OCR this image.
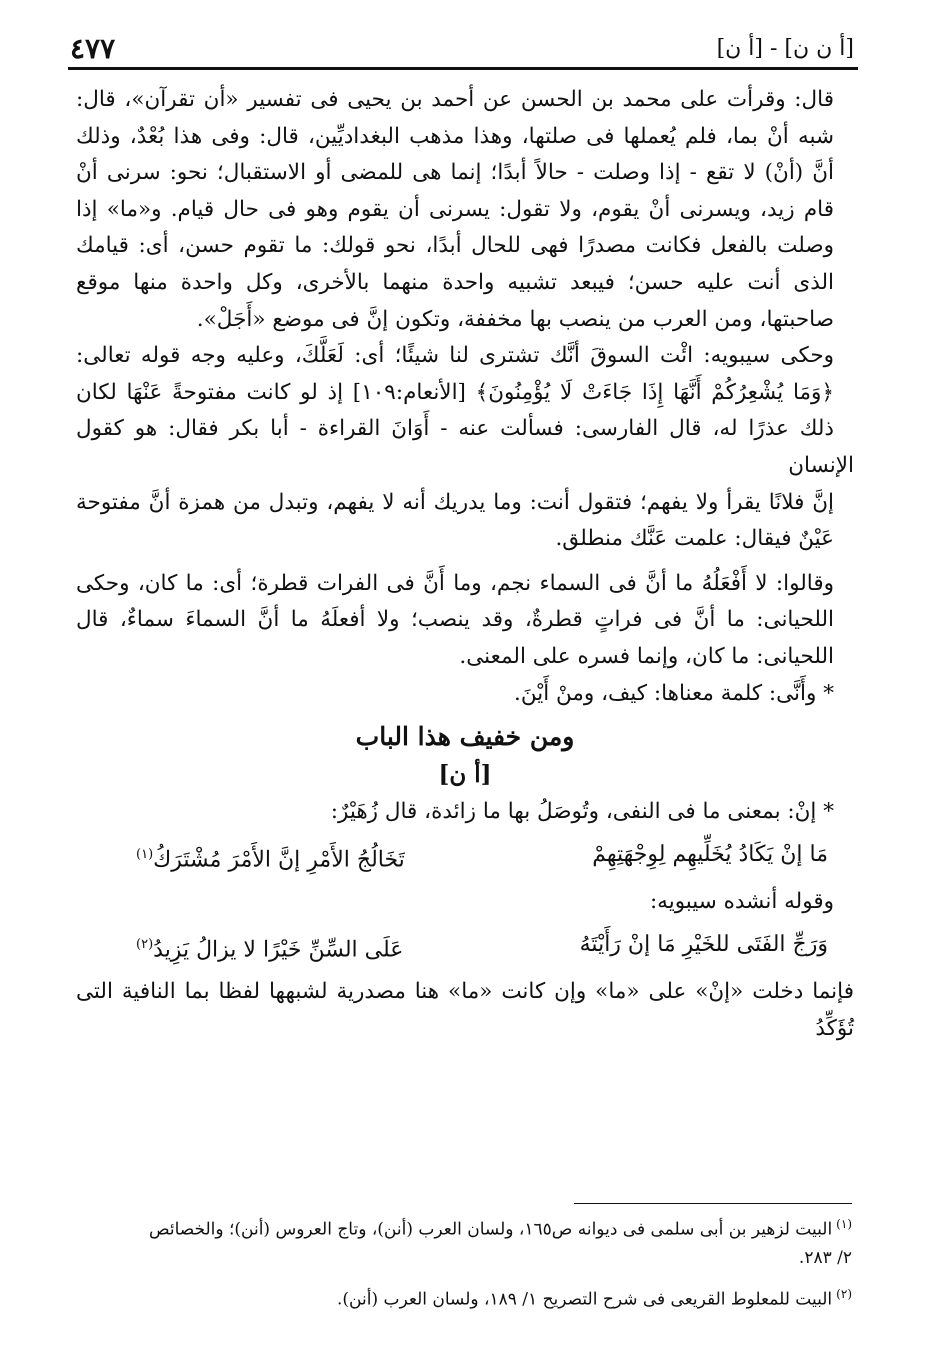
٤٧٧	[أ ن ن] - [أ ن]

قال: وقرأت على محمد بن الحسن عن أحمد بن يحيى فى تفسير «أن تقرآن»، قال:
شبه أنْ بما، فلم يُعملها فى صلتها، وهذا مذهب البغداديِّين، قال: وفى هذا بُعْدٌ، وذلك
أنَّ (أنْ) لا تقع - إذا وصلت - حالاً أبدًا؛ إنما هى للمضى أو الاستقبال؛ نحو: سرنى أنْ
قام زيد، ويسرنى أنْ يقوم، ولا تقول: يسرنى أن يقوم وهو فى حال قيام. و«ما» إذا
وصلت بالفعل فكانت مصدرًا فهى للحال أبدًا، نحو قولك: ما تقوم حسن، أى: قيامك
الذى أنت عليه حسن؛ فيبعد تشبيه واحدة منهما بالأخرى، وكل واحدة منها موقع
صاحبتها، ومن العرب من ينصب بها مخففة، وتكون إنَّ فى موضع «أَجَلْ».

وحكى سيبويه: ائْت السوقَ أنَّك تشترى لنا شيئًا؛ أى: لَعَلَّكَ، وعليه وجه قوله تعالى:
﴿وَمَا يُشْعِرُكُمْ أَنَّهَا إِذَا جَاءَتْ لَا يُؤْمِنُونَ﴾ [الأنعام:١٠٩] إذ لو كانت مفتوحةً عَنْهَا لكان
ذلك عذرًا له، قال الفارسى: فسألت عنه - أَوَانَ القراءة - أبا بكر فقال: هو كقول الإنسان
إنَّ فلانًا يقرأ ولا يفهم؛ فتقول أنت: وما يدريك أنه لا يفهم، وتبدل من همزة أنَّ مفتوحة
عَيْنٌ فيقال: علمت عَنَّك منطلق.

وقالوا: لا أَفْعَلُهُ ما أنَّ فى السماء نجم، وما أَنَّ فى الفرات قطرة؛ أى: ما كان، وحكى
اللحيانى: ما أنَّ فى فراتٍ قطرةٌ، وقد ينصب؛ ولا أفعلَهُ ما أنَّ السماءَ سماءٌ، قال
اللحيانى: ما كان، وإنما فسره على المعنى.

* وأَنَّى: كلمة معناها: كيف، ومنْ أَيْنَ.

ومن خفيف هذا الباب
[أ ن]

* إنْ: بمعنى ما فى النفى، وتُوصَلُ بها ما زائدة، قال زُهَيْرٌ:

مَا إنْ يَكَادُ يُخَلِّيهِم لِوِجْهَتِهِمْ
تَخَالُجُ الأَمْرِ إنَّ الأَمْرَ مُشْتَرَكُ$^{(١)}$

وقوله أنشده سيبويه:

وَرَجِّ الفَتَى للخَيْرِ مَا إنْ رَأَيْتَهُ
عَلَى السِّنِّ خَيْرًا لا يزالُ يَزِيدُ$^{(٢)}$

فإنما دخلت «إنْ» على «ما» وإن كانت «ما» هنا مصدرية لشبهها لفظا بما النافية التى تُؤَكِّدُ

$^{(١)}$البيت لزهير بن أبى سلمى فى ديوانه ص١٦٥، ولسان العرب (أنن)، وتاج العروس (أنن)؛ والخصائص
٢/ ٢٨٣.
$^{(٢)}$البيت للمعلوط القريعى فى شرح التصريح ١/ ١٨٩، ولسان العرب (أنن).
